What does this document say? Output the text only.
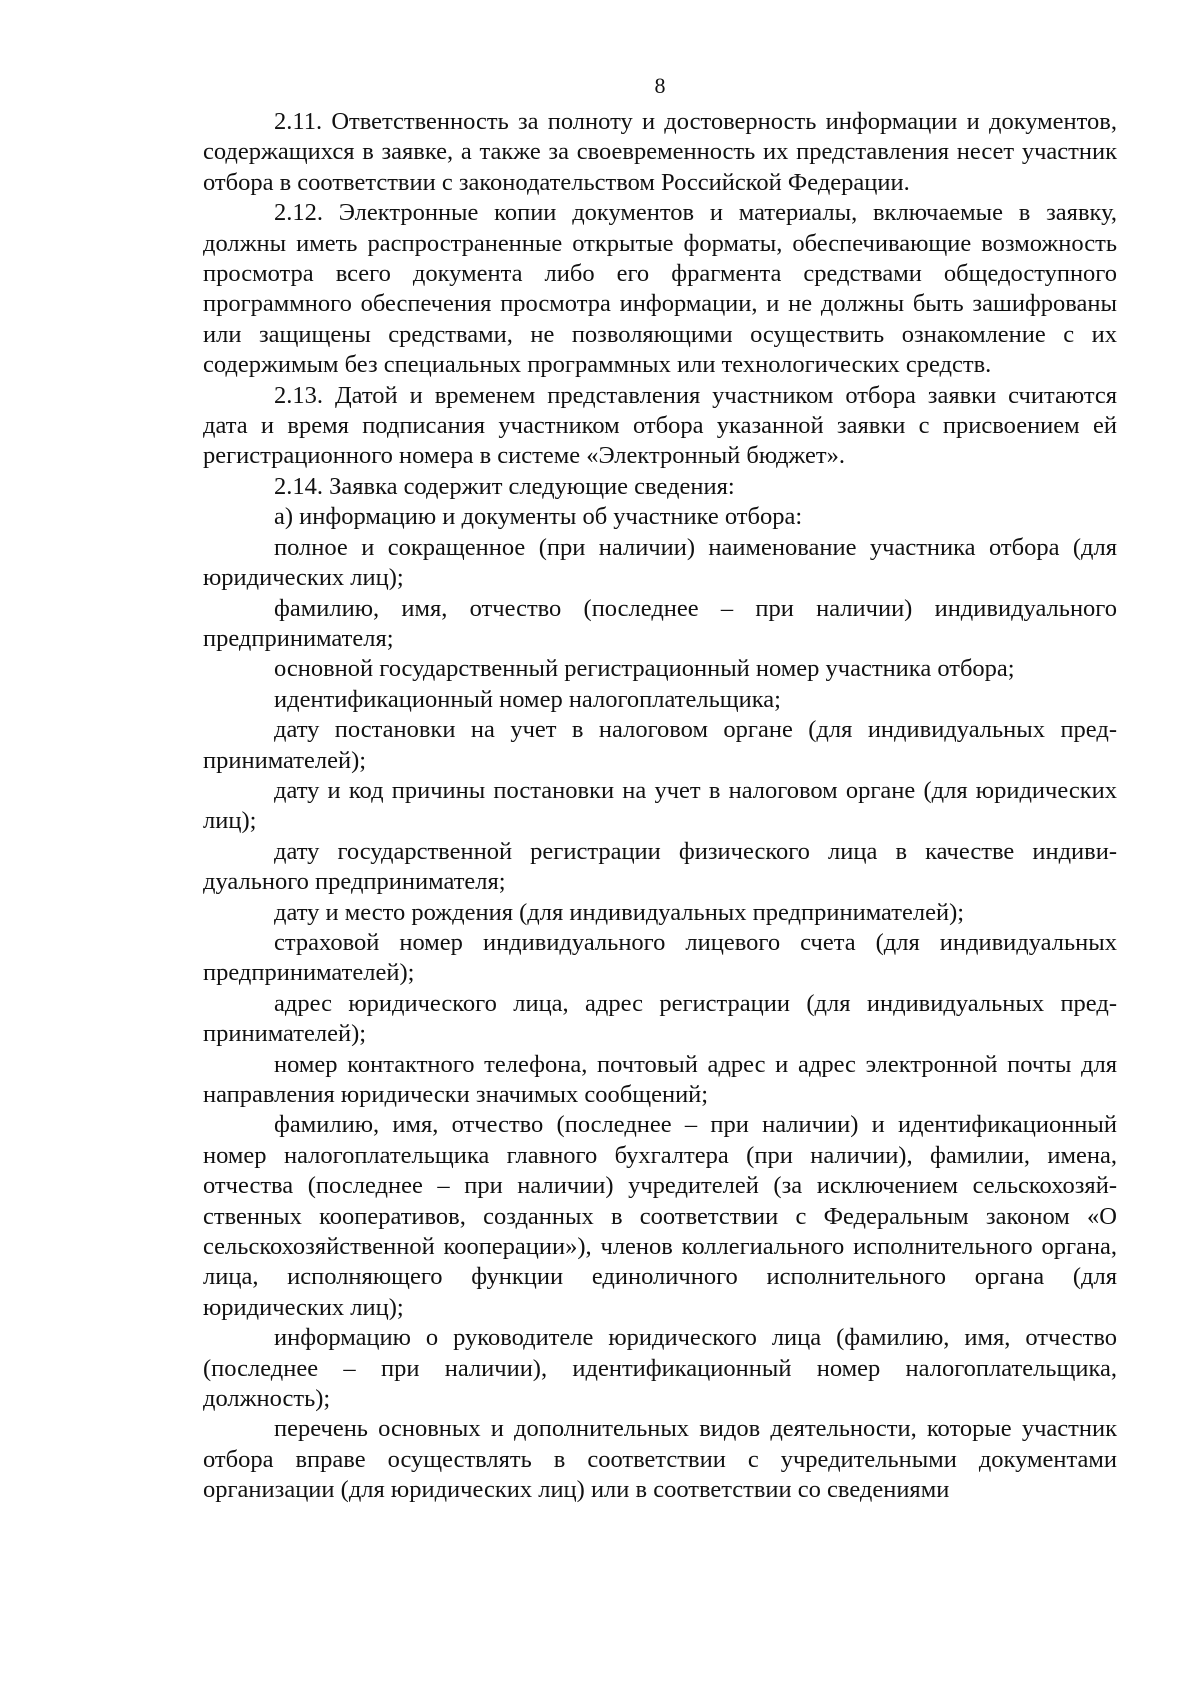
8

2.11. Ответственность за полноту и достоверность информации и документов, содержащихся в заявке, а также за своевременность их представления несет участник отбора в соответствии с законодательством Российской Федерации.

2.12. Электронные копии документов и материалы, включаемые в заявку, должны иметь распространенные открытые форматы, обеспечивающие возможность просмотра всего документа либо его фрагмента средствами общедоступного программного обеспечения просмотра информации, и не должны быть зашифрованы или защищены средствами, не позволяющими осуществить ознакомление с их содержимым без специальных программных или технологических средств.

2.13. Датой и временем представления участником отбора заявки считаются дата и время подписания участником отбора указанной заявки с присвоением ей регистрационного номера в системе «Электронный бюджет».

2.14. Заявка содержит следующие сведения:

а) информацию и документы об участнике отбора:

полное и сокращенное (при наличии) наименование участника отбора (для юридических лиц);

фамилию, имя, отчество (последнее – при наличии) индивидуального предпринимателя;

основной государственный регистрационный номер участника отбора;

идентификационный номер налогоплательщика;

дату постановки на учет в налоговом органе (для индивидуальных предпринимателей);

дату и код причины постановки на учет в налоговом органе (для юридических лиц);

дату государственной регистрации физического лица в качестве индивидуального предпринимателя;

дату и место рождения (для индивидуальных предпринимателей);

страховой номер индивидуального лицевого счета (для индивидуальных предпринимателей);

адрес юридического лица, адрес регистрации (для индивидуальных предпринимателей);

номер контактного телефона, почтовый адрес и адрес электронной почты для направления юридически значимых сообщений;

фамилию, имя, отчество (последнее – при наличии) и идентификационный номер налогоплательщика главного бухгалтера (при наличии), фамилии, имена, отчества (последнее – при наличии) учредителей (за исключением сельскохозяйственных кооперативов, созданных в соответствии с Федеральным законом «О сельскохозяйственной кооперации»), членов коллегиального исполнительного органа, лица, исполняющего функции единоличного исполнительного органа (для юридических лиц);

информацию о руководителе юридического лица (фамилию, имя, отчество (последнее – при наличии), идентификационный номер налогоплательщика, должность);

перечень основных и дополнительных видов деятельности, которые участник отбора вправе осуществлять в соответствии с учредительными документами организации (для юридических лиц) или в соответствии со сведениями
